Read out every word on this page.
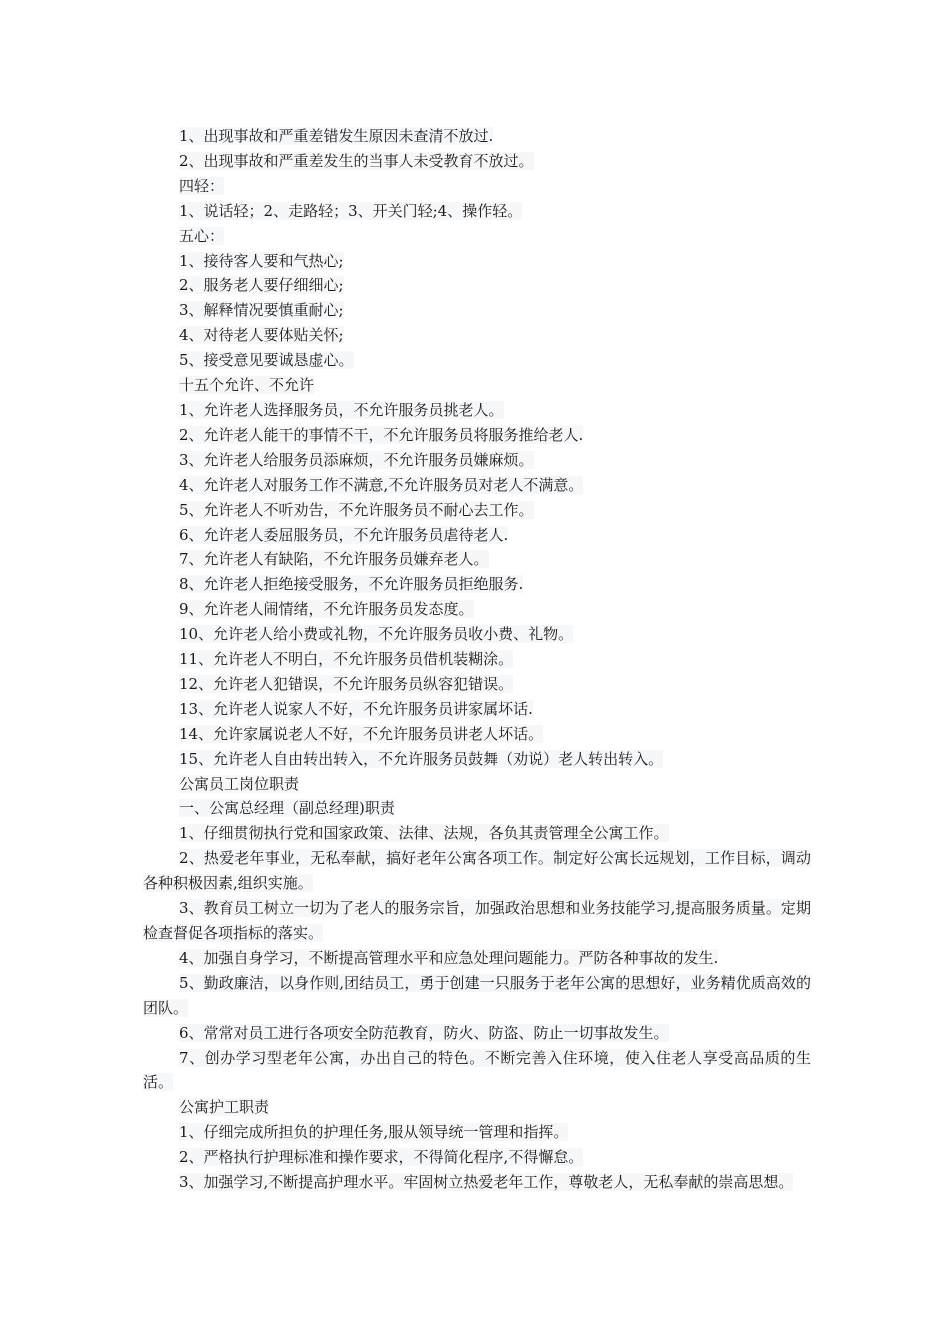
1、出现事故和严重差错发生原因未查清不放过.
2、出现事故和严重差发生的当事人未受教育不放过。
四轻：
1、说话轻；2、走路轻；3、开关门轻;4、操作轻。
五心：
1、接待客人要和气热心;
2、服务老人要仔细细心;
3、解释情况要慎重耐心;
4、对待老人要体贴关怀;
5、接受意见要诚恳虚心。
十五个允许、不允许
1、允许老人选择服务员，不允许服务员挑老人。
2、允许老人能干的事情不干，不允许服务员将服务推给老人.
3、允许老人给服务员添麻烦，不允许服务员嫌麻烦。
4、允许老人对服务工作不满意,不允许服务员对老人不满意。
5、允许老人不听劝告，不允许服务员不耐心去工作。
6、允许老人委屈服务员，不允许服务员虐待老人.
7、允许老人有缺陷，不允许服务员嫌弃老人。
8、允许老人拒绝接受服务，不允许服务员拒绝服务.
9、允许老人闹情绪，不允许服务员发态度。
10、允许老人给小费或礼物，不允许服务员收小费、礼物。
11、允许老人不明白，不允许服务员借机装糊涂。
12、允许老人犯错误，不允许服务员纵容犯错误。
13、允许老人说家人不好，不允许服务员讲家属坏话.
14、允许家属说老人不好，不允许服务员讲老人坏话。
15、允许老人自由转出转入，不允许服务员鼓舞（劝说）老人转出转入。
公寓员工岗位职责
一、公寓总经理（副总经理)职责
1、仔细贯彻执行党和国家政策、法律、法规，各负其责管理全公寓工作。
2、热爱老年事业，无私奉献，搞好老年公寓各项工作。制定好公寓长远规划，工作目标，调动各种积极因素,组织实施。
3、教育员工树立一切为了老人的服务宗旨，加强政治思想和业务技能学习,提高服务质量。定期检查督促各项指标的落实。
4、加强自身学习，不断提高管理水平和应急处理问题能力。严防各种事故的发生.
5、勤政廉洁，以身作则,团结员工，勇于创建一只服务于老年公寓的思想好，业务精优质高效的团队。
6、常常对员工进行各项安全防范教育，防火、防盗、防止一切事故发生。
7、创办学习型老年公寓，办出自己的特色。不断完善入住环境，使入住老人享受高品质的生活。
公寓护工职责
1、仔细完成所担负的护理任务,服从领导统一管理和指挥。
2、严格执行护理标准和操作要求，不得简化程序,不得懈怠。
3、加强学习,不断提高护理水平。牢固树立热爱老年工作，尊敬老人，无私奉献的崇高思想。
